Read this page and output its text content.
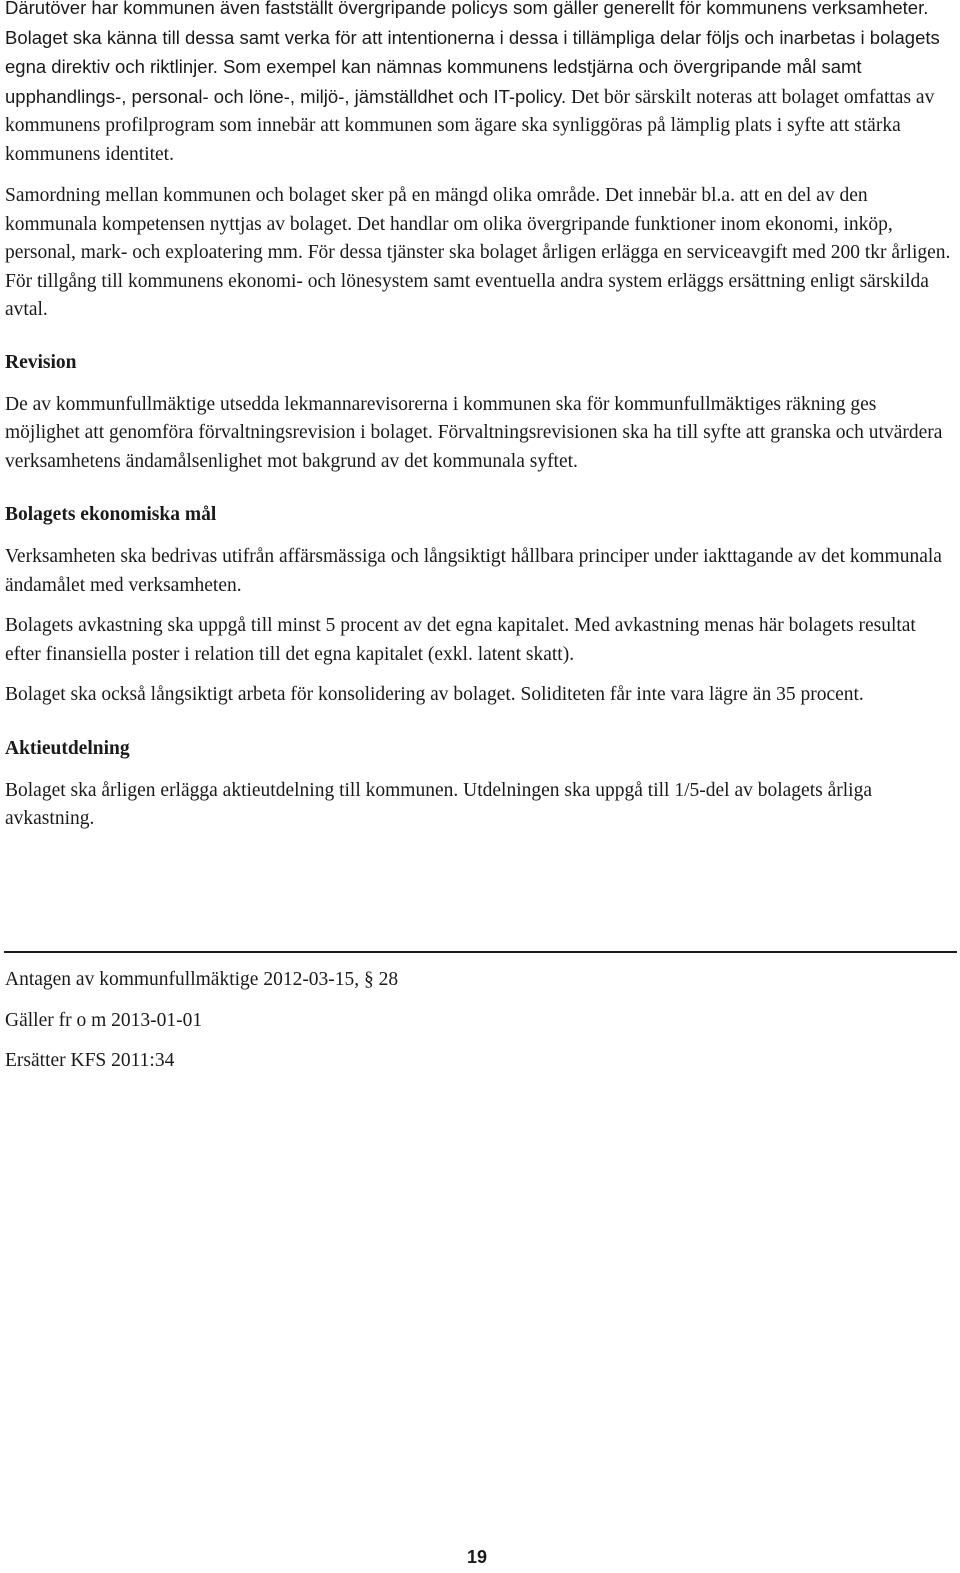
Därutöver har kommunen även fastställt övergripande policys som gäller generellt för kommunens verksamheter. Bolaget ska känna till dessa samt verka för att intentionerna i dessa i tillämpliga delar följs och inarbetas i bolagets egna direktiv och riktlinjer. Som exempel kan nämnas kommunens ledstjärna och övergripande mål samt upphandlings-, personal- och löne-, miljö-, jämställdhet och IT-policy. Det bör särskilt noteras att bolaget omfattas av kommunens profilprogram som innebär att kommunen som ägare ska synliggöras på lämplig plats i syfte att stärka kommunens identitet.

Samordning mellan kommunen och bolaget sker på en mängd olika område. Det innebär bl.a. att en del av den kommunala kompetensen nyttjas av bolaget. Det handlar om olika övergripande funktioner inom ekonomi, inköp, personal, mark- och exploatering mm. För dessa tjänster ska bolaget årligen erlägga en serviceavgift med 200 tkr årligen. För tillgång till kommunens ekonomi- och lönesystem samt eventuella andra system erläggs ersättning enligt särskilda avtal.

Revision

De av kommunfullmäktige utsedda lekmannarevisorerna i kommunen ska för kommunfullmäktiges räkning ges möjlighet att genomföra förvaltningsrevision i bolaget. Förvaltningsrevisionen ska ha till syfte att granska och utvärdera verksamhetens ändamålsenlighet mot bakgrund av det kommunala syftet.

Bolagets ekonomiska mål

Verksamheten ska bedrivas utifrån affärsmässiga och långsiktigt hållbara principer under iakttagande av det kommunala ändamålet med verksamheten.

Bolagets avkastning ska uppgå till minst 5 procent av det egna kapitalet. Med avkastning menas här bolagets resultat efter finansiella poster i relation till det egna kapitalet (exkl. latent skatt).

Bolaget ska också långsiktigt arbeta för konsolidering av bolaget. Soliditeten får inte vara lägre än 35 procent.

Aktieutdelning

Bolaget ska årligen erlägga aktieutdelning till kommunen. Utdelningen ska uppgå till 1/5-del av bolagets årliga avkastning.

Antagen av kommunfullmäktige 2012-03-15, § 28

Gäller fr o m 2013-01-01

Ersätter KFS 2011:34

19
